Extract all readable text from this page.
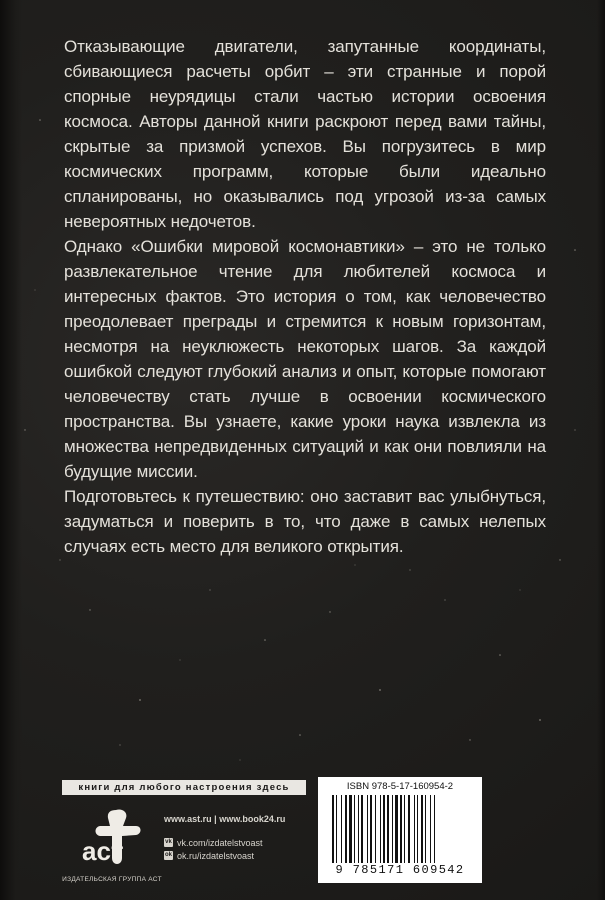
Отказывающие двигатели, запутанные координаты, сбивающиеся расчеты орбит – эти странные и порой спорные неурядицы стали частью истории освоения космоса. Авторы данной книги раскроют перед вами тайны, скрытые за призмой успехов. Вы погрузитесь в мир космических программ, которые были идеально спланированы, но оказывались под угрозой из-за самых невероятных недочетов.

Однако «Ошибки мировой космонавтики» – это не только развлекательное чтение для любителей космоса и интересных фактов. Это история о том, как человечество преодолевает преграды и стремится к новым горизонтам, несмотря на неуклюжесть некоторых шагов. За каждой ошибкой следуют глубокий анализ и опыт, которые помогают человечеству стать лучше в освоении космического пространства. Вы узнаете, какие уроки наука извлекла из множества непредвиденных ситуаций и как они повлияли на будущие миссии.

Подготовьтесь к путешествию: оно заставит вас улыбнуться, задуматься и поверить в то, что даже в самых нелепых случаях есть место для великого открытия.

книги для любого настроения здесь
аст
ИЗДАТЕЛЬСКАЯ ГРУППА АСТ
www.ast.ru | www.book24.ru
vk vk.com/izdatelstvoast
ok ok.ru/izdatelstvoast
ISBN 978-5-17-160954-2
9 785171 609542
